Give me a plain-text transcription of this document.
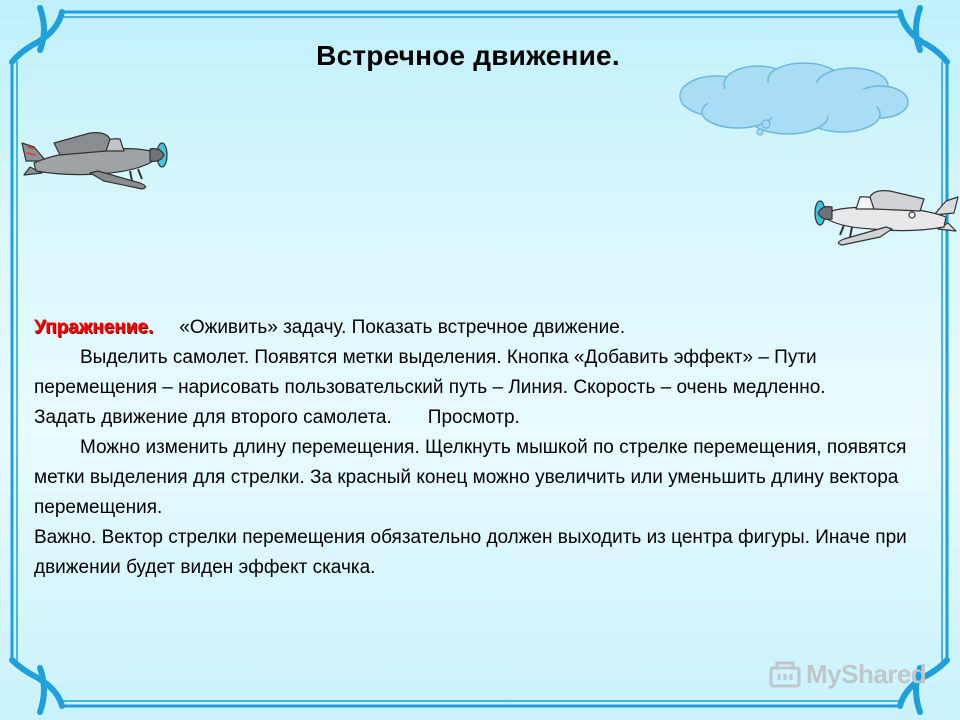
Встречное движение.

Упражнение. «Оживить» задачу. Показать встречное движение.

Выделить самолет. Появятся метки выделения. Кнопка «Добавить эффект» – Пути перемещения – нарисовать пользовательский путь – Линия. Скорость – очень медленно.

Задать движение для второго самолета. Просмотр.

Можно изменить длину перемещения. Щелкнуть мышкой по стрелке перемещения, появятся метки выделения для стрелки. За красный конец можно увеличить или уменьшить длину вектора перемещения.

Важно. Вектор стрелки перемещения обязательно должен выходить из центра фигуры. Иначе при движении будет виден эффект скачка.

MyShared
